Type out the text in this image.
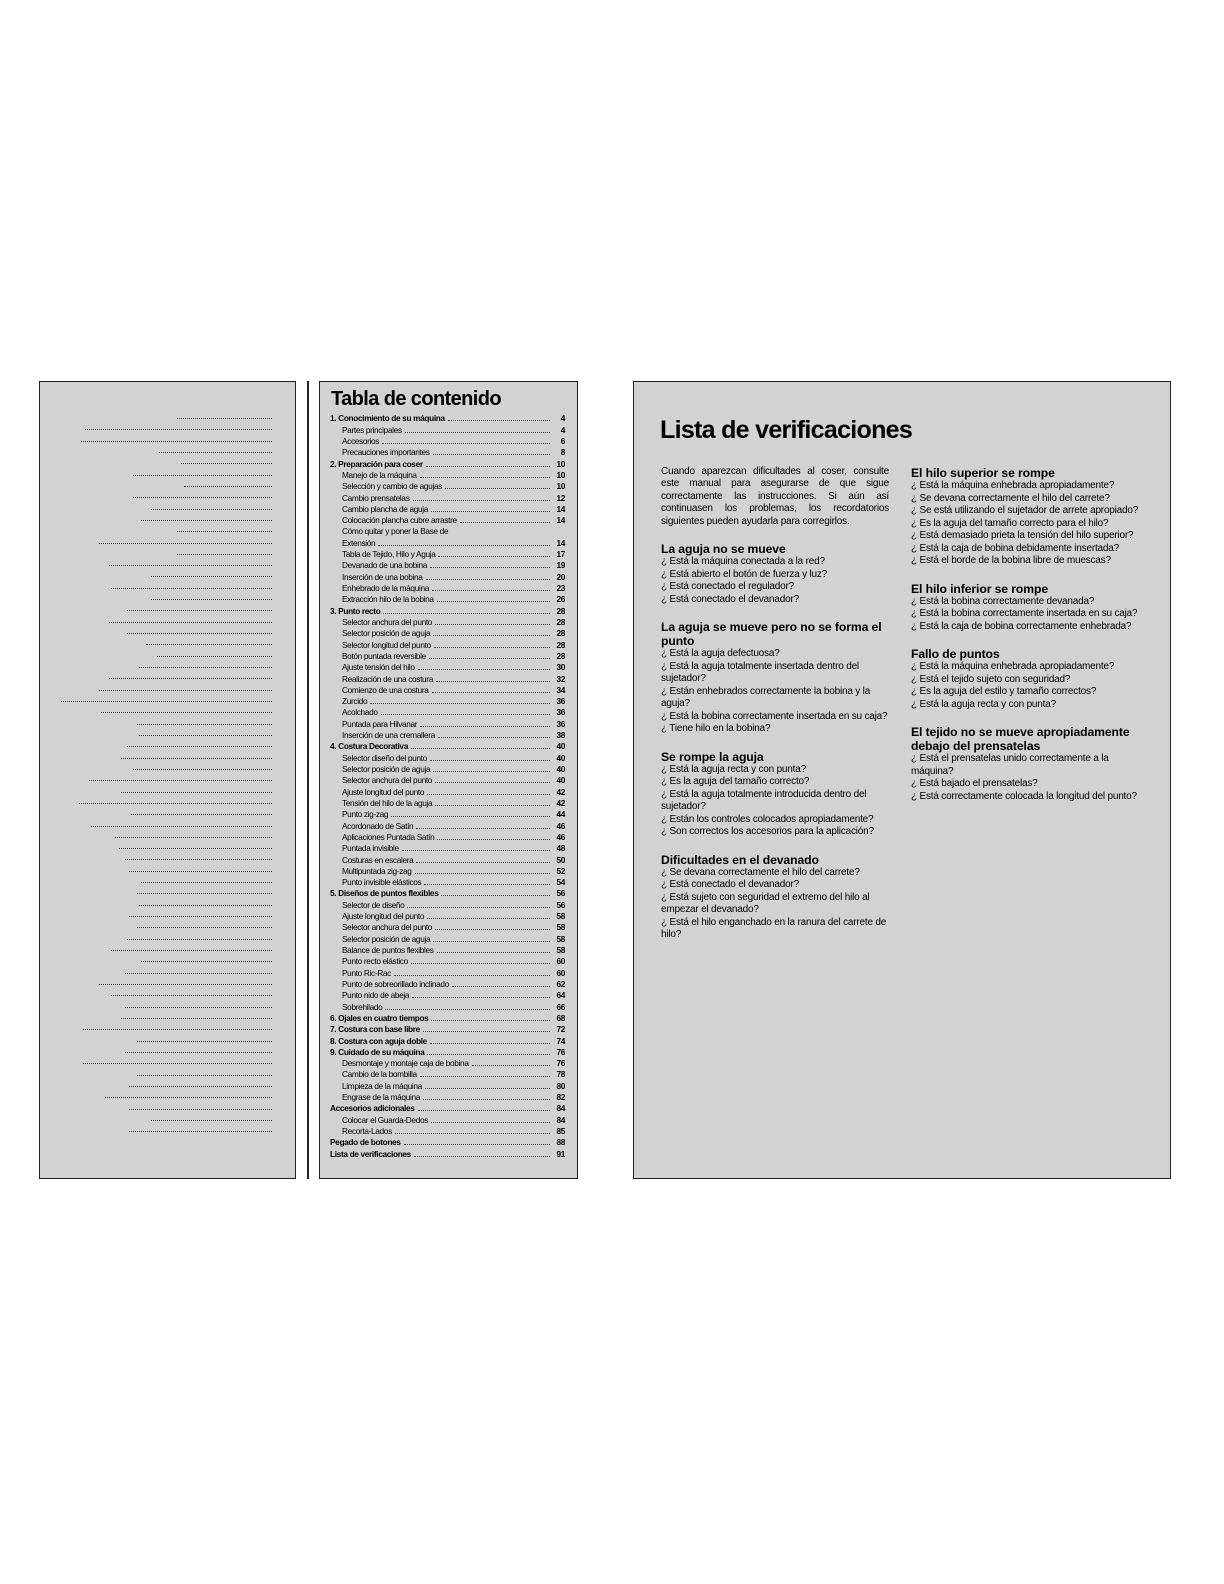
Tabla de contenido
1. Conocimiento de su máquina	4
Partes principales	4
Accesorios	6
Precauciones importantes	8
2. Preparación para coser	10
Manejo de la máquina	10
Selección y cambio de agujas	10
Cambio prensatelas	12
Cambio plancha de aguja	14
Colocación plancha cubre arrastre	14
Cómo quitar y poner la Base de
Extensión	14
Tabla de Tejido, Hilo y Aguja	17
Devanado de una bobina	19
Inserción de una bobina	20
Enhebrado de la máquina	23
Extracción hilo de la bobina	26
3. Punto recto	28
Selector anchura del punto	28
Selector posición de aguja	28
Selector longitud del punto	28
Botón puntada reversible	28
Ajuste tensión del hilo	30
Realización de una costura	32
Comienzo de una costura	34
Zurcido	36
Acolchado	36
Puntada para Hilvanar	36
Inserción de una cremallera	38
4. Costura Decorativa	40
Selector diseño del punto	40
Selector posición de aguja	40
Selector anchura del punto	40
Ajuste longitud del punto	42
Tensión del hilo de la aguja	42
Punto zig-zag	44
Acordonado de Satín	46
Aplicaciones Puntada Satín	46
Puntada invisible	48
Costuras en escalera	50
Multipuntada zig-zag	52
Punto invisible elásticos	54
5. Diseños de puntos flexibles	56
Selector de diseño	56
Ajuste longitud del punto	58
Selector anchura del punto	58
Selector posición de aguja	58
Balance de puntos flexibles	58
Punto recto elástico	60
Punto Ric-Rac	60
Punto de sobreorillado inclinado	62
Punto nido de abeja	64
Sobrehilado	66
6. Ojales en cuatro tiempos	68
7. Costura con base libre	72
8. Costura con aguja doble	74
9. Cuidado de su máquina	76
Desmontaje y montaje caja de bobina	76
Cambio de la bombilla	78
Limpieza de la máquina	80
Engrase de la máquina	82
Accesorios adicionales	84
Colocar el Guarda-Dedos	84
Recorta-Lados	85
Pegado de botones	88
Lista de verificaciones	91
Lista de verificaciones

Cuando aparezcan dificultades al coser, consulte este manual para asegurarse de que sigue correctamente las instrucciones. Si aún así continuasen los problemas, los recordatorios siguientes pueden ayudarla para corregirlos.

La aguja no se mueve

¿ Está la máquina conectada a la red?

¿ Está abierto el botón de fuerza y luz?

¿ Está conectado el regulador?

¿ Está conectado el devanador?

La aguja se mueve pero no se forma el punto

¿ Está la aguja defectuosa?

¿ Está la aguja totalmente insertada dentro del sujetador?

¿ Están enhebrados correctamente la bobina y la aguja?

¿ Está la bobina correctamente insertada en su caja?

¿ Tiene hilo en la bobina?

Se rompe la aguja

¿ Está la aguja recta y con punta?

¿ Es la aguja del tamaño correcto?

¿ Está la aguja totalmente introducida dentro del sujetador?

¿ Están los controles colocados apropiadamente?

¿ Son correctos los accesorios para la aplicación?

Dificultades en el devanado

¿ Se devana correctamente el hilo del carrete?

¿ Está conectado el devanador?

¿ Está sujeto con seguridad el extremo del hilo al empezar el devanado?

¿ Está el hilo enganchado en la ranura del carrete de hilo?

El hilo superior se rompe

¿ Está la máquina enhebrada apropiadamente?

¿ Se devana correctamente el hilo del carrete?

¿ Se está utilizando el sujetador de arrete apropiado?

¿ Es la aguja del tamaño correcto para el hilo?

¿ Está demasiado prieta la tensión del hilo superior?

¿ Está la caja de bobina debidamente insertada?

¿ Está el borde de la bobina libre de muescas?

El hilo inferior se rompe

¿ Está la bobina correctamente devanada?

¿ Está la bobina correctamente insertada en su caja?

¿ Está la caja de bobina correctamente enhebrada?

Fallo de puntos

¿ Está la máquina enhebrada apropiadamente?

¿ Está el tejido sujeto con seguridad?

¿ Es la aguja del estilo y tamaño correctos?

¿ Está la aguja recta y con punta?

El tejido no se mueve apropiadamente debajo del prensatelas

¿ Está el prensatelas unido correctamente a la máquina?

¿ Está bajado el prensatelas?

¿ Está correctamente colocada la longitud del punto?
